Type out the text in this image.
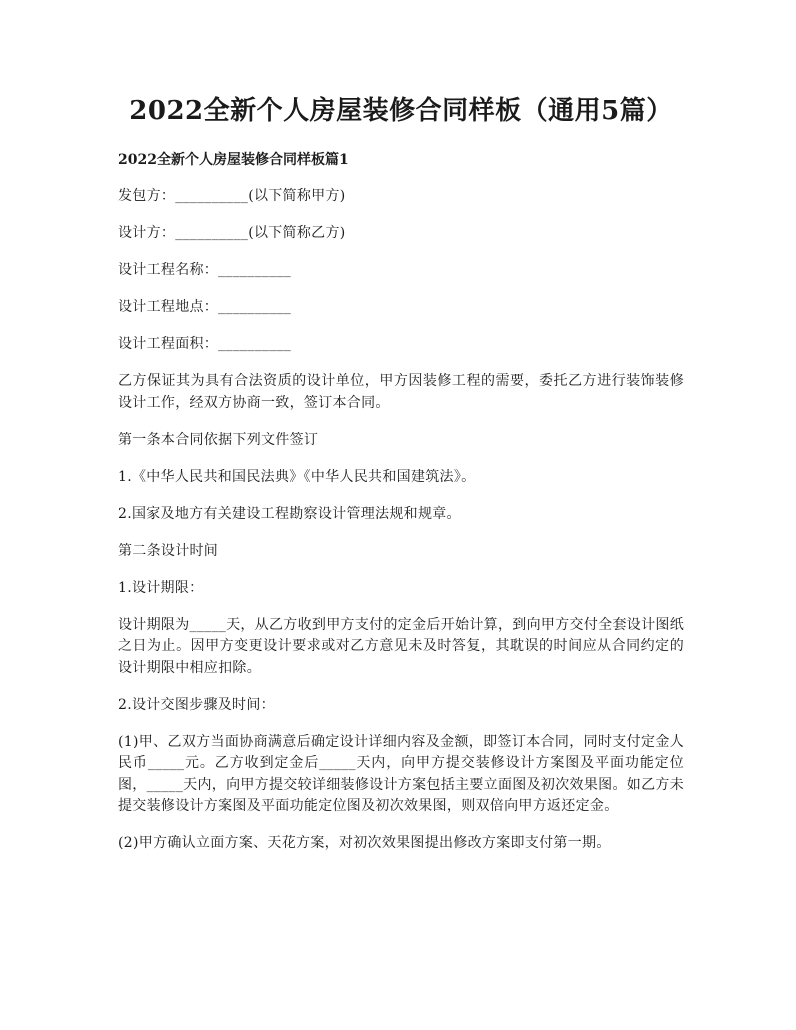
2022全新个人房屋装修合同样板（通用5篇）
2022全新个人房屋装修合同样板篇1

发包方：__________(以下简称甲方)

设计方：__________(以下简称乙方)

设计工程名称：__________

设计工程地点：__________

设计工程面积：__________

乙方保证其为具有合法资质的设计单位，甲方因装修工程的需要，委托乙方进行装饰装修设计工作，经双方协商一致，签订本合同。

第一条本合同依据下列文件签订

1.《中华人民共和国民法典》《中华人民共和国建筑法》。

2.国家及地方有关建设工程勘察设计管理法规和规章。

第二条设计时间

1.设计期限：

设计期限为_____天，从乙方收到甲方支付的定金后开始计算，到向甲方交付全套设计图纸之日为止。因甲方变更设计要求或对乙方意见未及时答复，其耽误的时间应从合同约定的设计期限中相应扣除。

2.设计交图步骤及时间：

(1)甲、乙双方当面协商满意后确定设计详细内容及金额，即签订本合同，同时支付定金人民币_____元。乙方收到定金后_____天内，向甲方提交装修设计方案图及平面功能定位图，_____天内，向甲方提交较详细装修设计方案包括主要立面图及初次效果图。如乙方未提交装修设计方案图及平面功能定位图及初次效果图，则双倍向甲方返还定金。

(2)甲方确认立面方案、天花方案，对初次效果图提出修改方案即支付第一期。
